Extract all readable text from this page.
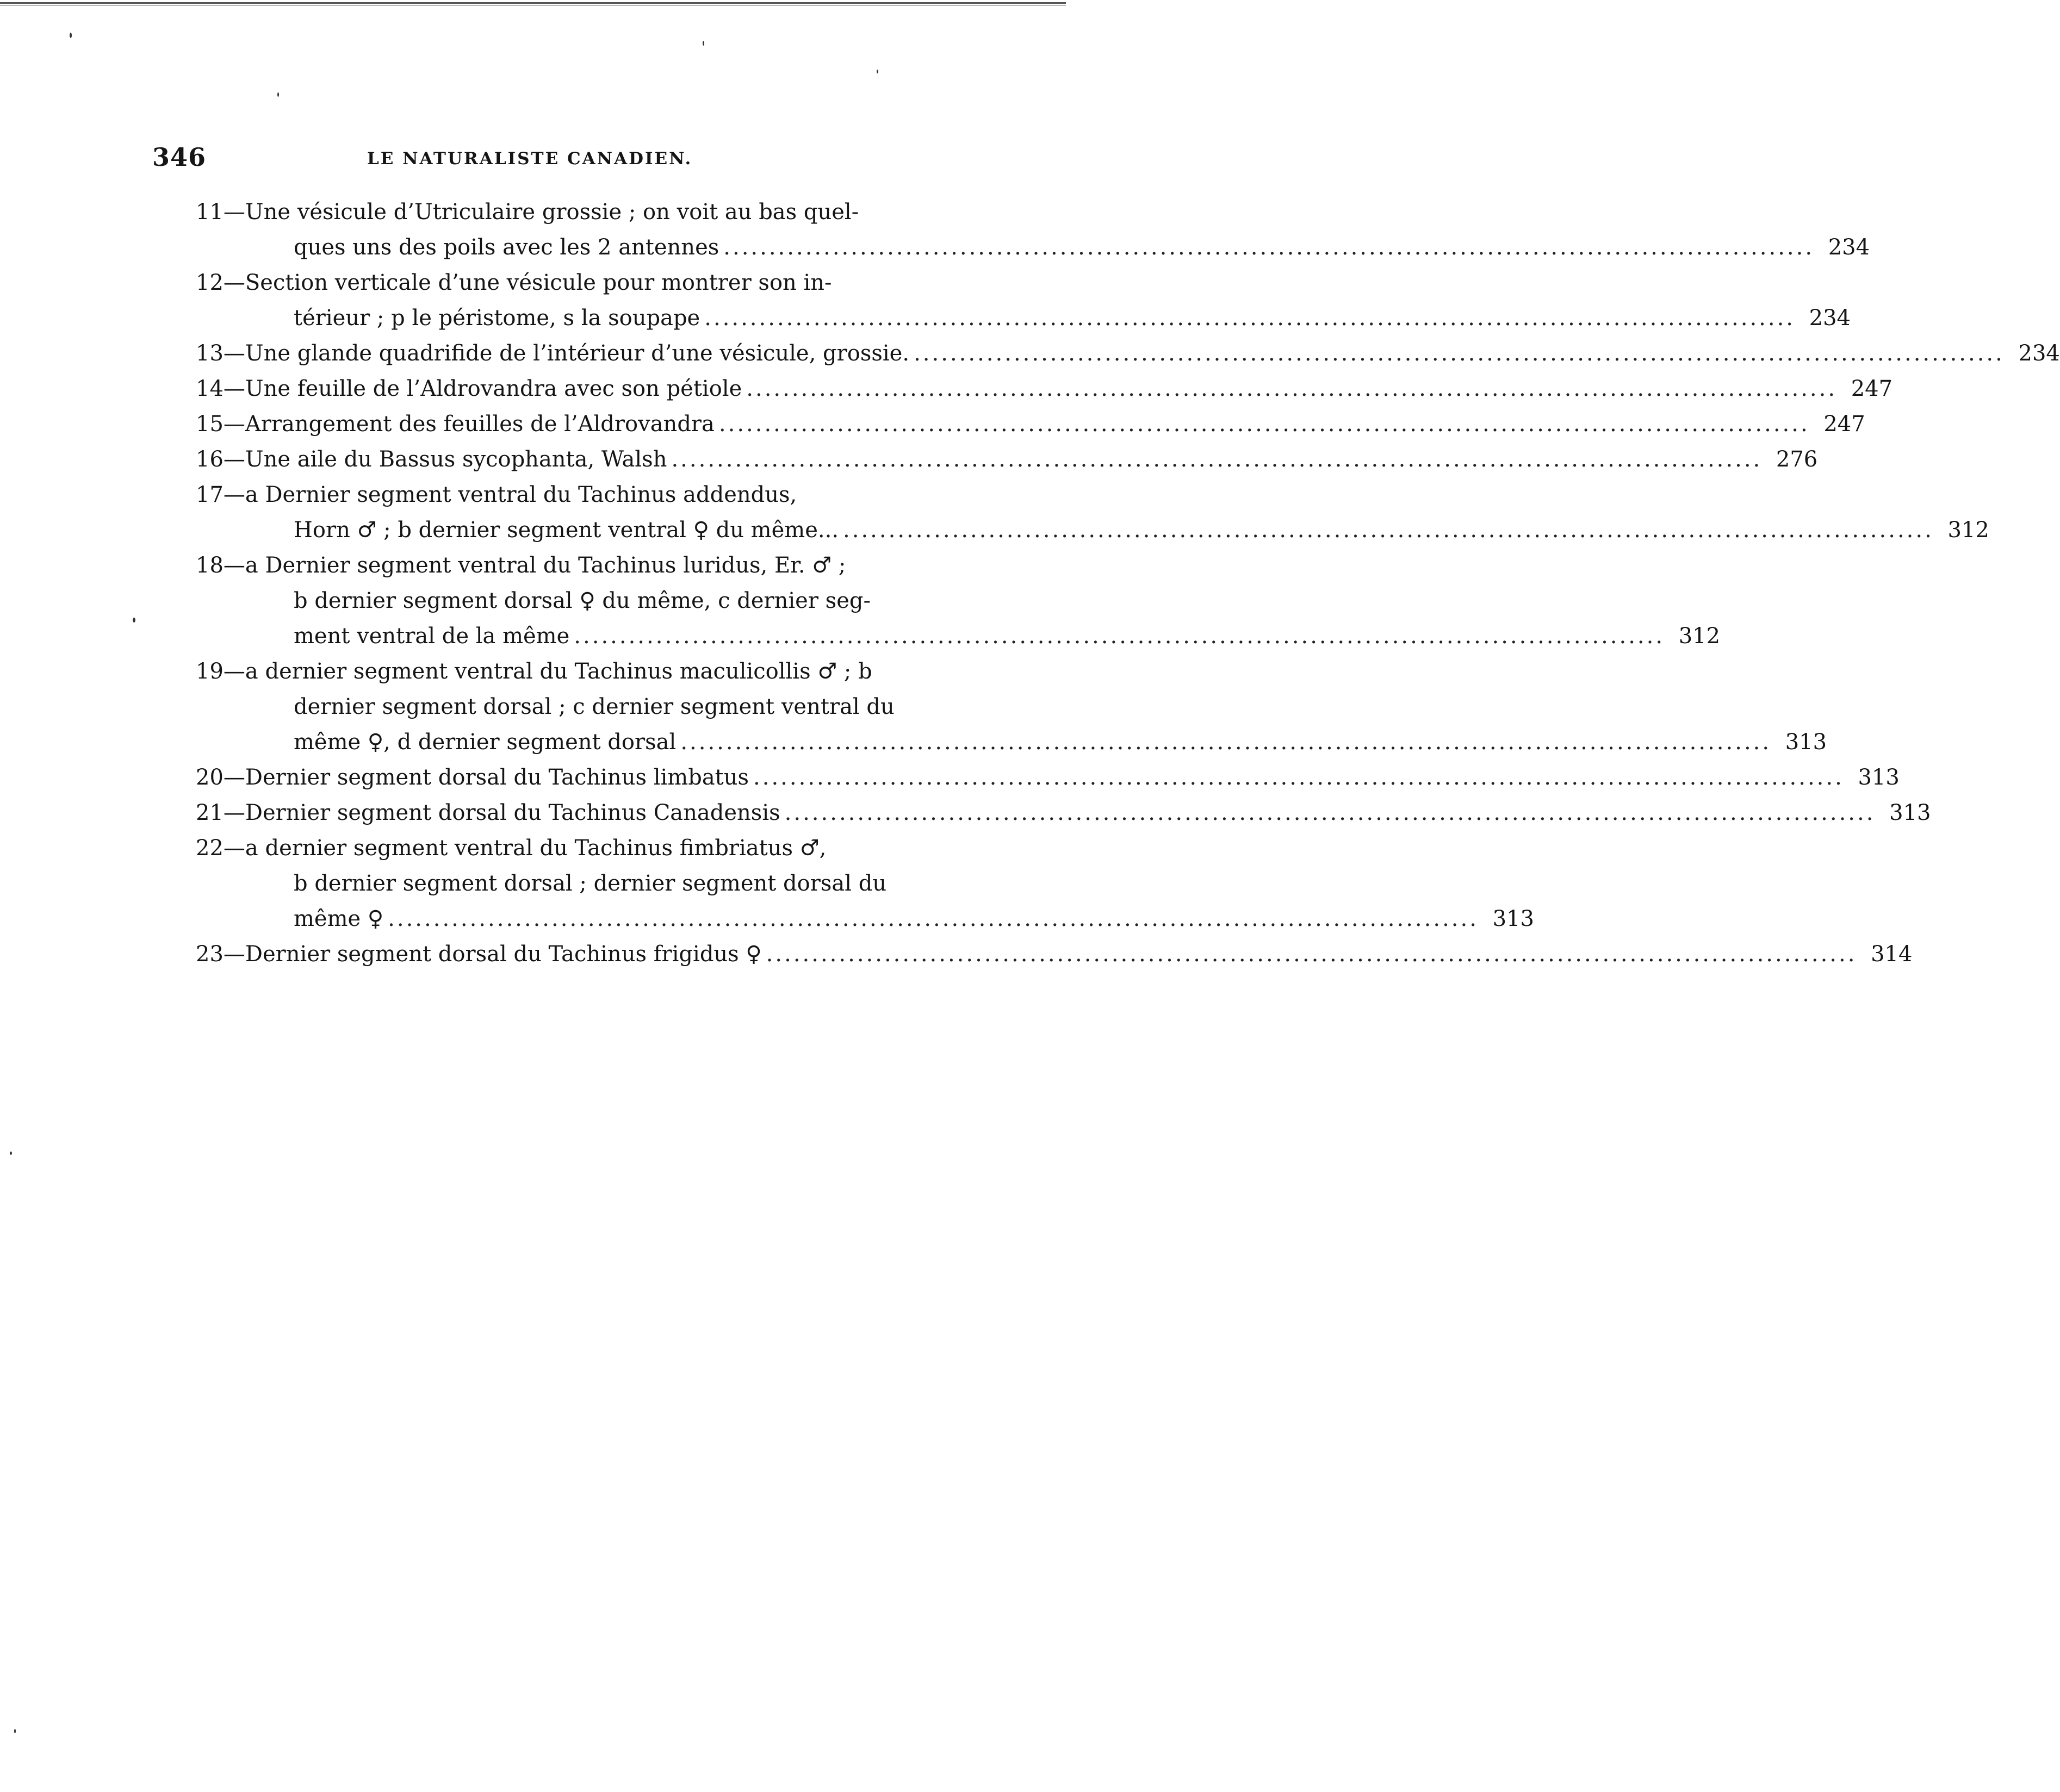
346	LE NATURALISTE CANADIEN.
11—Une vésicule d’Utriculaire grossie ; on voit au bas quel-
ques uns des poils avec les 2 antennes ........................................................................................................................ 234
12—Section verticale d’une vésicule pour montrer son in-
térieur ; p le péristome, s la soupape ........................................................................................................................ 234
13—Une glande quadrifide de l’intérieur d’une vésicule, grossie. ........................................................................................................................ 234
14—Une feuille de l’Aldrovandra avec son pétiole ........................................................................................................................ 247
15—Arrangement des feuilles de l’Aldrovandra ........................................................................................................................ 247
16—Une aile du Bassus sycophanta, Walsh ........................................................................................................................ 276
17—a Dernier segment ventral du Tachinus addendus,
Horn ♂ ; b dernier segment ventral ♀ du même... ........................................................................................................................ 312
18—a Dernier segment ventral du Tachinus luridus, Er. ♂ ;
b dernier segment dorsal ♀ du même, c dernier seg-
ment ventral de la même ........................................................................................................................ 312
19—a dernier segment ventral du Tachinus maculicollis ♂ ; b
dernier segment dorsal ; c dernier segment ventral du
même ♀, d dernier segment dorsal ........................................................................................................................ 313
20—Dernier segment dorsal du Tachinus limbatus ........................................................................................................................ 313
21—Dernier segment dorsal du Tachinus Canadensis ........................................................................................................................ 313
22—a dernier segment ventral du Tachinus fimbriatus ♂,
b dernier segment dorsal ; dernier segment dorsal du
même ♀ ........................................................................................................................ 313
23—Dernier segment dorsal du Tachinus frigidus ♀ ........................................................................................................................ 314
